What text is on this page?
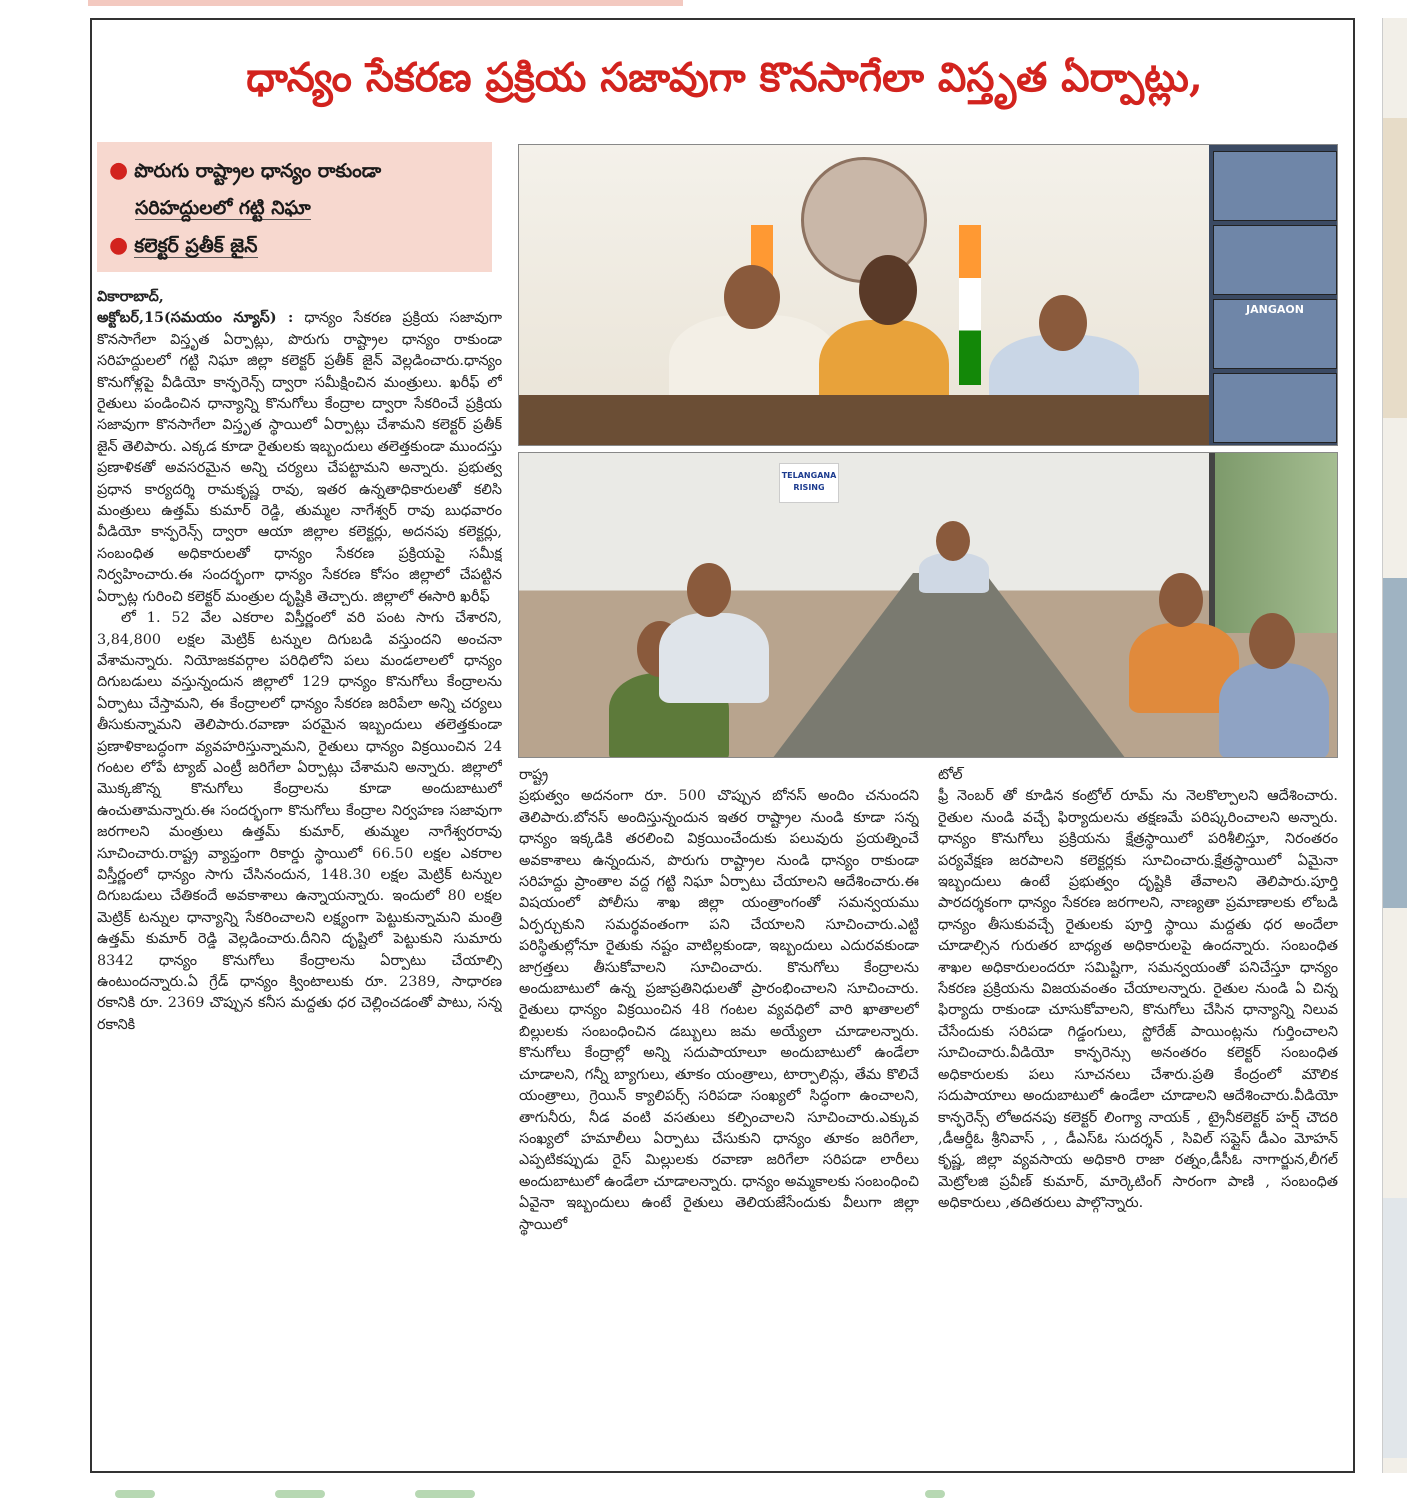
ధాన్యం సేకరణ ప్రక్రియ సజావుగా కొనసాగేలా విస్తృత ఏర్పాట్లు,
● పొరుగు రాష్ట్రాల ధాన్యం రాకుండా
సరిహద్దులలో గట్టి నిఘా
● కలెక్టర్ ప్రతీక్ జైన్
JANGAON
TELANGANA RISING

వికారాబాద్,

అక్టోబర్,15(సమయం న్యూస్) : ధాన్యం సేకరణ ప్రక్రియ సజావుగా కొనసాగేలా విస్తృత ఏర్పాట్లు, పొరుగు రాష్ట్రాల ధాన్యం రాకుండా సరిహద్దులలో గట్టి నిఘా జిల్లా కలెక్టర్ ప్రతీక్ జైన్ వెల్లడించారు.ధాన్యం కొనుగోళ్లపై వీడియో కాన్ఫరెన్స్ ద్వారా సమీక్షించిన మంత్రులు. ఖరీఫ్ లో రైతులు పండించిన ధాన్యాన్ని కొనుగోలు కేంద్రాల ద్వారా సేకరించే ప్రక్రియ సజావుగా కొనసాగేలా విస్తృత స్థాయిలో ఏర్పాట్లు చేశామని కలెక్టర్ ప్రతీక్ జైన్ తెలిపారు. ఎక్కడ కూడా రైతులకు ఇబ్బందులు తలెత్తకుండా ముందస్తు ప్రణాళికతో అవసరమైన అన్ని చర్యలు చేపట్టామని అన్నారు. ప్రభుత్వ ప్రధాన కార్యదర్శి రామకృష్ణ రావు, ఇతర ఉన్నతాధికారులతో కలిసి మంత్రులు ఉత్తమ్ కుమార్ రెడ్డి, తుమ్మల నాగేశ్వర్ రావు బుధవారం వీడియో కాన్ఫరెన్స్ ద్వారా ఆయా జిల్లాల కలెక్టర్లు, అదనపు కలెక్టర్లు, సంబంధిత అధికారులతో ధాన్యం సేకరణ ప్రక్రియపై సమీక్ష నిర్వహించారు.ఈ సందర్భంగా ధాన్యం సేకరణ కోసం జిల్లాలో చేపట్టిన ఏర్పాట్ల గురించి కలెక్టర్ మంత్రుల దృష్టికి తెచ్చారు. జిల్లాలో ఈసారి ఖరీఫ్

లో 1. 52 వేల ఎకరాల విస్తీర్ణంలో వరి పంట సాగు చేశారని, 3,84,800 లక్షల మెట్రిక్ టన్నుల దిగుబడి వస్తుందని అంచనా వేశామన్నారు. నియోజకవర్గాల పరిధిలోని పలు మండలాలలో ధాన్యం దిగుబడులు వస్తున్నందున జిల్లాలో 129 ధాన్యం కొనుగోలు కేంద్రాలను ఏర్పాటు చేస్తామని, ఈ కేంద్రాలలో ధాన్యం సేకరణ జరిపేలా అన్ని చర్యలు తీసుకున్నామని తెలిపారు.రవాణా పరమైన ఇబ్బందులు తలెత్తకుండా ప్రణాళికాబద్ధంగా వ్యవహరిస్తున్నామని, రైతులు ధాన్యం విక్రయించిన 24 గంటల లోపే ట్యాబ్ ఎంట్రీ జరిగేలా ఏర్పాట్లు చేశామని అన్నారు. జిల్లాలో మొక్కజొన్న కొనుగోలు కేంద్రాలను కూడా అందుబాటులో ఉంచుతామన్నారు.ఈ సందర్భంగా కొనుగోలు కేంద్రాల నిర్వహణ సజావుగా జరగాలని మంత్రులు ఉత్తమ్ కుమార్, తుమ్మల నాగేశ్వరరావు సూచించారు.రాష్ట్ర వ్యాప్తంగా రికార్డు స్థాయిలో 66.50 లక్షల ఎకరాల విస్తీర్ణంలో ధాన్యం సాగు చేసినందున, 148.30 లక్షల మెట్రిక్ టన్నుల దిగుబడులు చేతికందే అవకాశాలు ఉన్నాయన్నారు. ఇందులో 80 లక్షల మెట్రిక్ టన్నుల ధాన్యాన్ని సేకరించాలని లక్ష్యంగా పెట్టుకున్నామని మంత్రి ఉత్తమ్ కుమార్ రెడ్డి వెల్లడించారు.దీనిని దృష్టిలో పెట్టుకుని సుమారు 8342 ధాన్యం కొనుగోలు కేంద్రాలను ఏర్పాటు చేయాల్సి ఉంటుందన్నారు.ఏ గ్రేడ్ ధాన్యం క్వింటాలుకు రూ. 2389, సాధారణ రకానికి రూ. 2369 చొప్పున కనీస మద్దతు ధర చెల్లించడంతో పాటు, సన్న రకానికి

రాష్ట్ర

ప్రభుత్వం అదనంగా రూ. 500 చొప్పున బోనస్ అందిం చనుందని తెలిపారు.బోనస్ అందిస్తున్నందున ఇతర రాష్ట్రాల నుండి కూడా సన్న ధాన్యం ఇక్కడికి తరలించి విక్రయించేందుకు పలువురు ప్రయత్నించే అవకాశాలు ఉన్నందున, పొరుగు రాష్ట్రాల నుండి ధాన్యం రాకుండా సరిహద్దు ప్రాంతాల వద్ద గట్టి నిఘా ఏర్పాటు చేయాలని ఆదేశించారు.ఈ విషయంలో పోలీసు శాఖ జిల్లా యంత్రాంగంతో సమన్వయము ఏర్పర్చుకుని సమర్థవంతంగా పని చేయాలని సూచించారు.ఎట్టి పరిస్థితుల్లోనూ రైతుకు నష్టం వాటిల్లకుండా, ఇబ్బందులు ఎదురవకుండా జాగ్రత్తలు తీసుకోవాలని సూచించారు. కొనుగోలు కేంద్రాలను అందుబాటులో ఉన్న ప్రజాప్రతినిధులతో ప్రారంభించాలని సూచించారు. రైతులు ధాన్యం విక్రయించిన 48 గంటల వ్యవధిలో వారి ఖాతాలలో బిల్లులకు సంబంధించిన డబ్బులు జమ అయ్యేలా చూడాలన్నారు. కొనుగోలు కేంద్రాల్లో అన్ని సదుపాయాలూ అందుబాటులో ఉండేలా చూడాలని, గన్నీ బ్యాగులు, తూకం యంత్రాలు, టార్పాలిన్లు, తేమ కొలిచే యంత్రాలు, గ్రెయిన్ క్యాలిపర్స్ సరిపడా సంఖ్యలో సిద్ధంగా ఉంచాలని, తాగునీరు, నీడ వంటి వసతులు కల్పించాలని సూచించారు.ఎక్కువ సంఖ్యలో హమాలీలు ఏర్పాటు చేసుకుని ధాన్యం తూకం జరిగేలా, ఎప్పటికప్పుడు రైస్ మిల్లులకు రవాణా జరిగేలా సరిపడా లారీలు అందుబాటులో ఉండేలా చూడాలన్నారు. ధాన్యం అమ్మకాలకు సంబంధించి ఏవైనా ఇబ్బందులు ఉంటే రైతులు తెలియజేసేందుకు వీలుగా జిల్లా స్థాయిలో

టోల్

ఫ్రీ నెంబర్ తో కూడిన కంట్రోల్ రూమ్ ను నెలకొల్పాలని ఆదేశించారు. రైతుల నుండి వచ్చే ఫిర్యాదులను తక్షణమే పరిష్కరించాలని అన్నారు. ధాన్యం కొనుగోలు ప్రక్రియను క్షేత్రస్థాయిలో పరిశీలిస్తూ, నిరంతరం పర్యవేక్షణ జరపాలని కలెక్టర్లకు సూచించారు.క్షేత్రస్థాయిలో ఏమైనా ఇబ్బందులు ఉంటే ప్రభుత్వం దృష్టికి తేవాలని తెలిపారు.పూర్తి పారదర్శకంగా ధాన్యం సేకరణ జరగాలని, నాణ్యతా ప్రమాణాలకు లోబడి ధాన్యం తీసుకువచ్చే రైతులకు పూర్తి స్థాయి మద్దతు ధర అందేలా చూడాల్సిన గురుతర బాధ్యత అధికారులపై ఉందన్నారు. సంబంధిత శాఖల అధికారులందరూ సమిష్టిగా, సమన్వయంతో పనిచేస్తూ ధాన్యం సేకరణ ప్రక్రియను విజయవంతం చేయాలన్నారు. రైతుల నుండి ఏ చిన్న ఫిర్యాదు రాకుండా చూసుకోవాలని, కొనుగోలు చేసిన ధాన్యాన్ని నిలువ చేసేందుకు సరిపడా గిడ్డంగులు, స్టోరేజ్ పాయింట్లను గుర్తించాలని సూచించారు.వీడియో కాన్ఫరెన్సు అనంతరం కలెక్టర్ సంబంధిత అధికారులకు పలు సూచనలు చేశారు.ప్రతి కేంద్రంలో మౌలిక సదుపాయాలు అందుబాటులో ఉండేలా చూడాలని ఆదేశించారు.వీడియో కాన్ఫరెన్స్ లోఅదనపు కలెక్టర్ లింగ్యా నాయక్ , ట్రైనీకలెక్టర్ హర్ష్ చౌదరి ,డీఆర్డీఓ శ్రీనివాస్ , , డీఎస్ఓ సుదర్శన్ , సివిల్ సప్లైస్ డీఎం మోహన్ కృష్ణ, జిల్లా వ్యవసాయ అధికారి రాజా రత్నం,డీసీఓ నాగార్జున,లీగల్ మెట్రోలజి ప్రవీణ్ కుమార్, మార్కెటింగ్ సారంగా పాణి , సంబంధిత అధికారులు ,తదితరులు పాల్గొన్నారు.
